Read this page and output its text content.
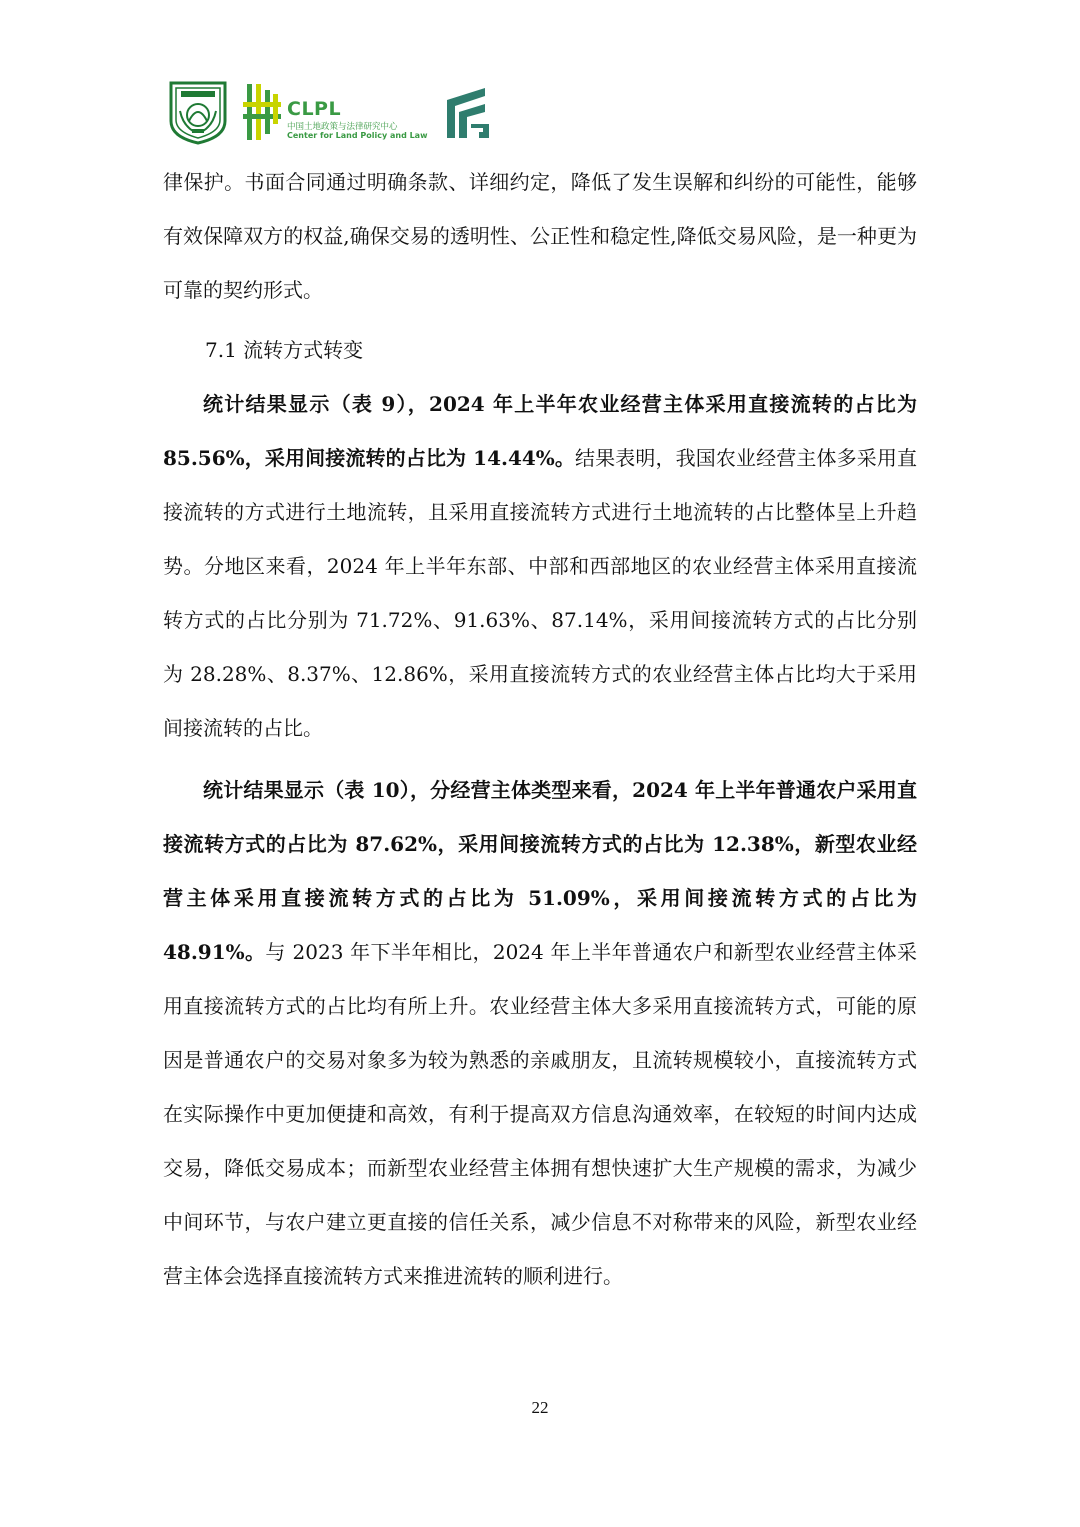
CLPL
中国土地政策与法律研究中心
Center for Land Policy and Law

律保护。书面合同通过明确条款、详细约定，降低了发生误解和纠纷的可能性，能够有效保障双方的权益,确保交易的透明性、公正性和稳定性,降低交易风险，是一种更为可靠的契约形式。

7.1 流转方式转变

统计结果显示（表 9），2024 年上半年农业经营主体采用直接流转的占比为 85.56%，采用间接流转的占比为 14.44%。结果表明，我国农业经营主体多采用直接流转的方式进行土地流转，且采用直接流转方式进行土地流转的占比整体呈上升趋势。分地区来看，2024 年上半年东部、中部和西部地区的农业经营主体采用直接流转方式的占比分别为 71.72%、91.63%、87.14%，采用间接流转方式的占比分别为 28.28%、8.37%、12.86%，采用直接流转方式的农业经营主体占比均大于采用间接流转的占比。

统计结果显示（表 10），分经营主体类型来看，2024 年上半年普通农户采用直接流转方式的占比为 87.62%，采用间接流转方式的占比为 12.38%，新型农业经营主体采用直接流转方式的占比为 51.09%，采用间接流转方式的占比为 48.91%。与 2023 年下半年相比，2024 年上半年普通农户和新型农业经营主体采用直接流转方式的占比均有所上升。农业经营主体大多采用直接流转方式，可能的原因是普通农户的交易对象多为较为熟悉的亲戚朋友，且流转规模较小，直接流转方式在实际操作中更加便捷和高效，有利于提高双方信息沟通效率，在较短的时间内达成交易，降低交易成本；而新型农业经营主体拥有想快速扩大生产规模的需求，为减少中间环节，与农户建立更直接的信任关系，减少信息不对称带来的风险，新型农业经营主体会选择直接流转方式来推进流转的顺利进行。

22
